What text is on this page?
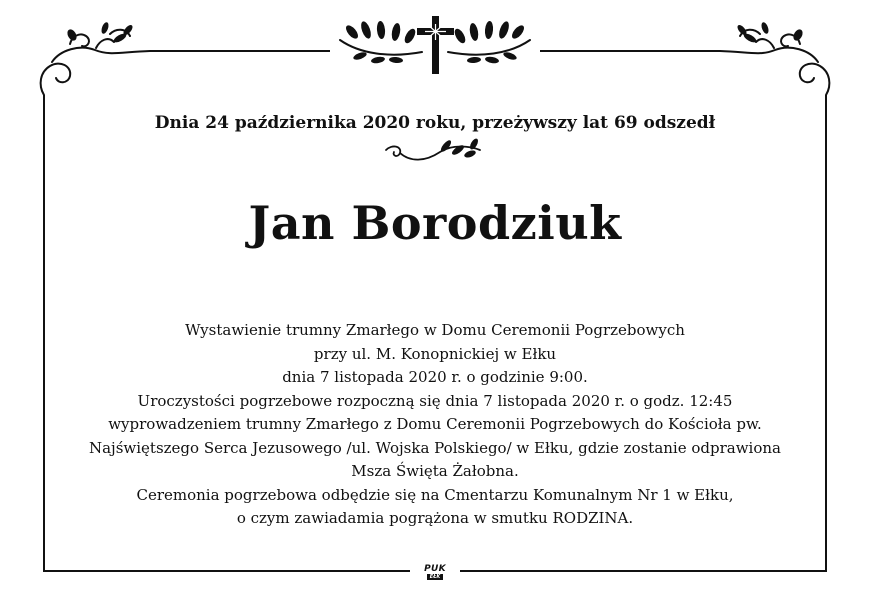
Dnia 24 października 2020 roku, przeżywszy lat 69 odszedł
Jan Borodziuk
Wystawienie trumny Zmarłego w Domu Ceremonii Pogrzebowych
przy ul. M. Konopnickiej w Ełku
dnia 7 listopada 2020 r. o godzinie 9:00.
Uroczystości pogrzebowe rozpoczną się dnia 7 listopada 2020 r. o godz. 12:45
wyprowadzeniem trumny Zmarłego z Domu Ceremonii Pogrzebowych do Kościoła pw.
Najświętszego Serca Jezusowego /ul. Wojska Polskiego/ w Ełku, gdzie zostanie odprawiona
Msza Święta Żałobna.
Ceremonia pogrzebowa odbędzie się na Cmentarzu Komunalnym Nr 1 w Ełku,
o czym zawiadamia pogrążona w smutku RODZINA.
PUK
EŁK
